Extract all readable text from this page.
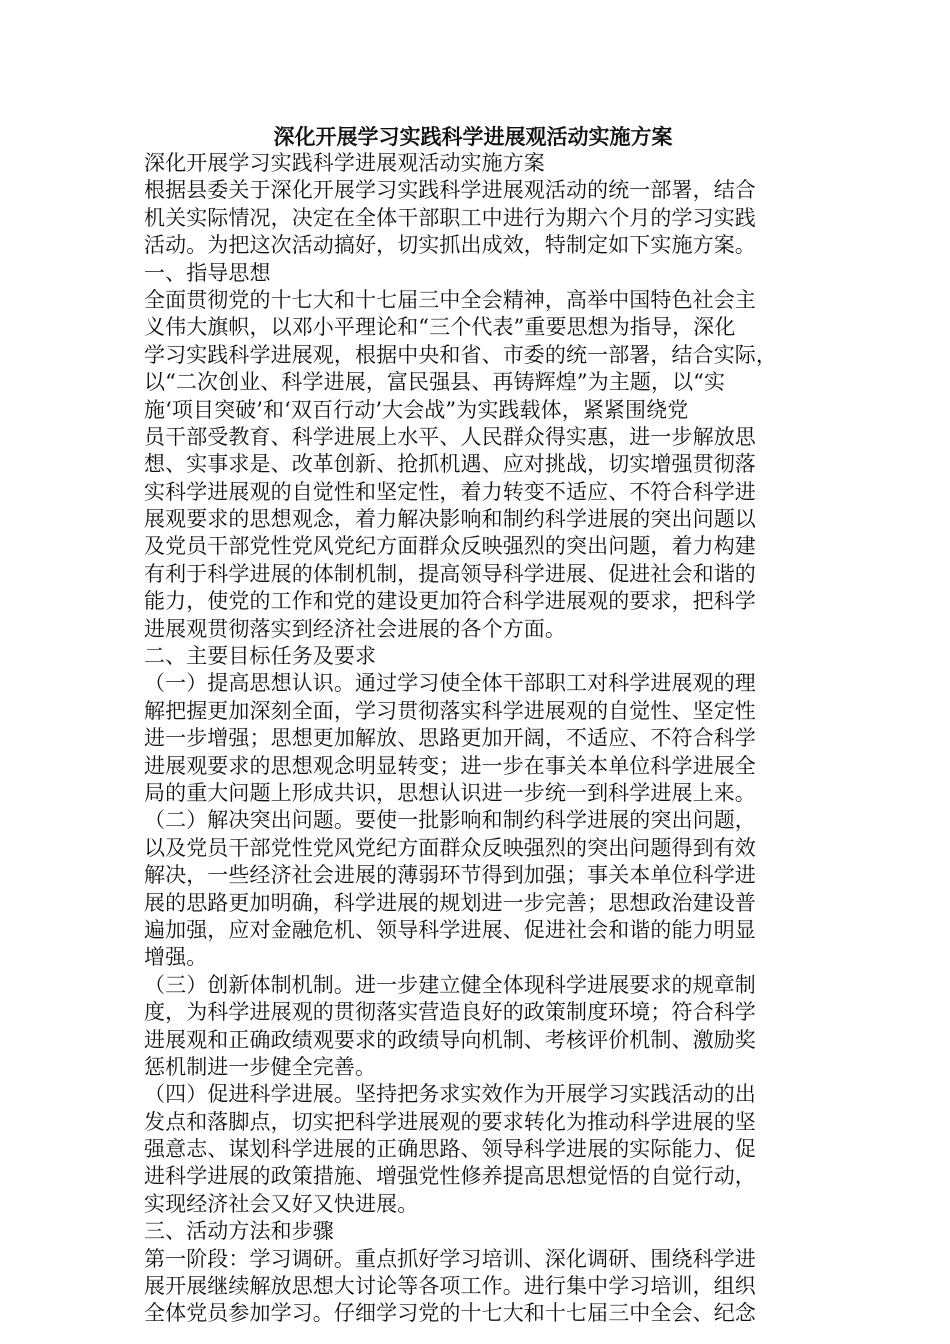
深化开展学习实践科学进展观活动实施方案
深化开展学习实践科学进展观活动实施方案
根据县委关于深化开展学习实践科学进展观活动的统一部署，结合
机关实际情况，决定在全体干部职工中进行为期六个月的学习实践
活动。为把这次活动搞好，切实抓出成效，特制定如下实施方案。
一、指导思想
全面贯彻党的十七大和十七届三中全会精神，高举中国特色社会主
义伟大旗帜，以邓小平理论和“三个代表”重要思想为指导，深化
学习实践科学进展观，根据中央和省、市委的统一部署，结合实际，
以“二次创业、科学进展，富民强县、再铸辉煌”为主题，以“实
施‘项目突破’和‘双百行动’大会战”为实践载体，紧紧围绕党
员干部受教育、科学进展上水平、人民群众得实惠，进一步解放思
想、实事求是、改革创新、抢抓机遇、应对挑战，切实增强贯彻落
实科学进展观的自觉性和坚定性，着力转变不适应、不符合科学进
展观要求的思想观念，着力解决影响和制约科学进展的突出问题以
及党员干部党性党风党纪方面群众反映强烈的突出问题，着力构建
有利于科学进展的体制机制，提高领导科学进展、促进社会和谐的
能力，使党的工作和党的建设更加符合科学进展观的要求，把科学
进展观贯彻落实到经济社会进展的各个方面。
二、主要目标任务及要求
（一）提高思想认识。通过学习使全体干部职工对科学进展观的理
解把握更加深刻全面，学习贯彻落实科学进展观的自觉性、坚定性
进一步增强；思想更加解放、思路更加开阔，不适应、不符合科学
进展观要求的思想观念明显转变；进一步在事关本单位科学进展全
局的重大问题上形成共识，思想认识进一步统一到科学进展上来。
（二）解决突出问题。要使一批影响和制约科学进展的突出问题，
以及党员干部党性党风党纪方面群众反映强烈的突出问题得到有效
解决，一些经济社会进展的薄弱环节得到加强；事关本单位科学进
展的思路更加明确，科学进展的规划进一步完善；思想政治建设普
遍加强，应对金融危机、领导科学进展、促进社会和谐的能力明显
增强。
（三）创新体制机制。进一步建立健全体现科学进展要求的规章制
度，为科学进展观的贯彻落实营造良好的政策制度环境；符合科学
进展观和正确政绩观要求的政绩导向机制、考核评价机制、激励奖
惩机制进一步健全完善。
（四）促进科学进展。坚持把务求实效作为开展学习实践活动的出
发点和落脚点，切实把科学进展观的要求转化为推动科学进展的坚
强意志、谋划科学进展的正确思路、领导科学进展的实际能力、促
进科学进展的政策措施、增强党性修养提高思想觉悟的自觉行动，
实现经济社会又好又快进展。
三、活动方法和步骤
第一阶段：学习调研。重点抓好学习培训、深化调研、围绕科学进
展开展继续解放思想大讨论等各项工作。进行集中学习培训，组织
全体党员参加学习。仔细学习党的十七大和十七届三中全会、纪念
